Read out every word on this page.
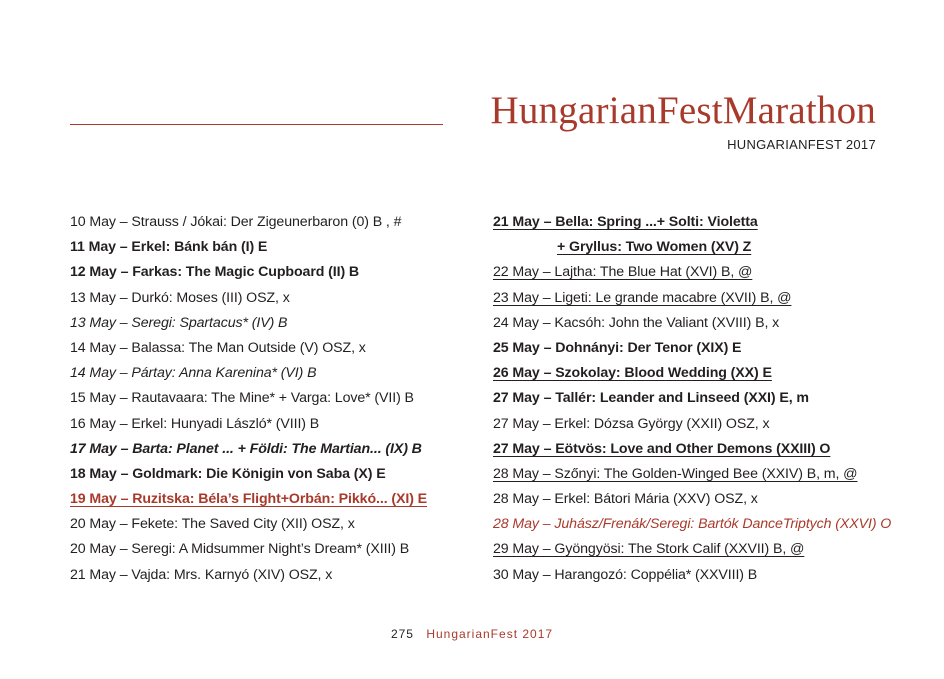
HungarianFestMarathon
HUNGARIANFEST 2017
10 May – Strauss / Jókai: Der Zigeunerbaron (0) B , #
11 May – Erkel: Bánk bán (I) E
12 May – Farkas: The Magic Cupboard (II) B
13 May – Durkó: Moses (III) OSZ, x
13 May – Seregi: Spartacus* (IV) B
14 May – Balassa: The Man Outside (V) OSZ, x
14 May – Pártay: Anna Karenina* (VI) B
15 May – Rautavaara: The Mine* + Varga: Love* (VII) B
16 May – Erkel: Hunyadi László* (VIII) B
17 May – Barta: Planet ... + Földi: The Martian... (IX) B
18 May – Goldmark: Die Königin von Saba (X) E
19 May – Ruzitska: Béla’s Flight+Orbán: Pikkó... (XI) E
20 May – Fekete: The Saved City (XII) OSZ, x
20 May – Seregi: A Midsummer Night’s Dream* (XIII) B
21 May – Vajda: Mrs. Karnyó (XIV) OSZ, x
21 May – Bella: Spring ...+ Solti: Violetta
+ Gryllus: Two Women (XV) Z
22 May – Lajtha: The Blue Hat (XVI) B, @
23 May – Ligeti: Le grande macabre (XVII) B, @
24 May – Kacsóh: John the Valiant (XVIII) B, x
25 May – Dohnányi: Der Tenor (XIX) E
26 May – Szokolay: Blood Wedding (XX) E
27 May – Tallér: Leander and Linseed (XXI) E, m
27 May – Erkel: Dózsa György (XXII) OSZ, x
27 May – Eötvös: Love and Other Demons (XXIII) O
28 May – Szőnyi: The Golden-Winged Bee (XXIV) B, m, @
28 May – Erkel: Bátori Mária (XXV) OSZ, x
28 May – Juhász/Frenák/Seregi: Bartók DanceTriptych (XXVI) O
29 May – Gyöngyösi: The Stork Calif (XXVII) B, @
30 May – Harangozó: Coppélia* (XXVIII) B
275 HungarianFest 2017
